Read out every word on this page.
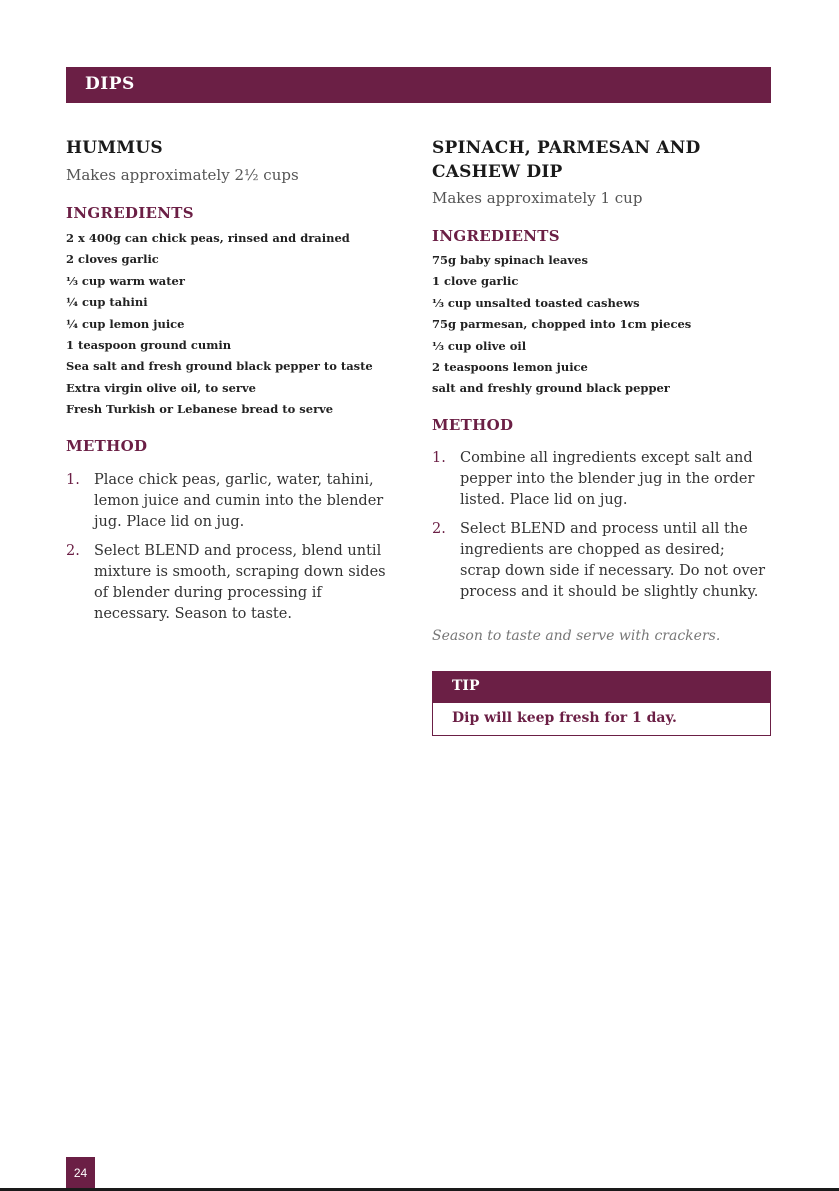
DIPS
HUMMUS
Makes approximately 2½ cups
INGREDIENTS
2 x 400g can chick peas, rinsed and drained
2 cloves garlic
⅓ cup warm water
¼ cup tahini
¼ cup lemon juice
1 teaspoon ground cumin
Sea salt and fresh ground black pepper to taste
Extra virgin olive oil, to serve
Fresh Turkish or Lebanese bread to serve
METHOD
1. Place chick peas, garlic, water, tahini, lemon juice and cumin into the blender jug. Place lid on jug.
2. Select BLEND and process, blend until mixture is smooth, scraping down sides of blender during processing if necessary. Season to taste.
SPINACH, PARMESAN AND CASHEW DIP
Makes approximately 1 cup
INGREDIENTS
75g baby spinach leaves
1 clove garlic
⅓ cup unsalted toasted cashews
75g parmesan, chopped into 1cm pieces
⅓ cup olive oil
2 teaspoons lemon juice
salt and freshly ground black pepper
METHOD
1. Combine all ingredients except salt and pepper into the blender jug in the order listed. Place lid on jug.
2. Select BLEND and process until all the ingredients are chopped as desired; scrap down side if necessary. Do not over process and it should be slightly chunky.
Season to taste and serve with crackers.
TIP
Dip will keep fresh for 1 day.
24
